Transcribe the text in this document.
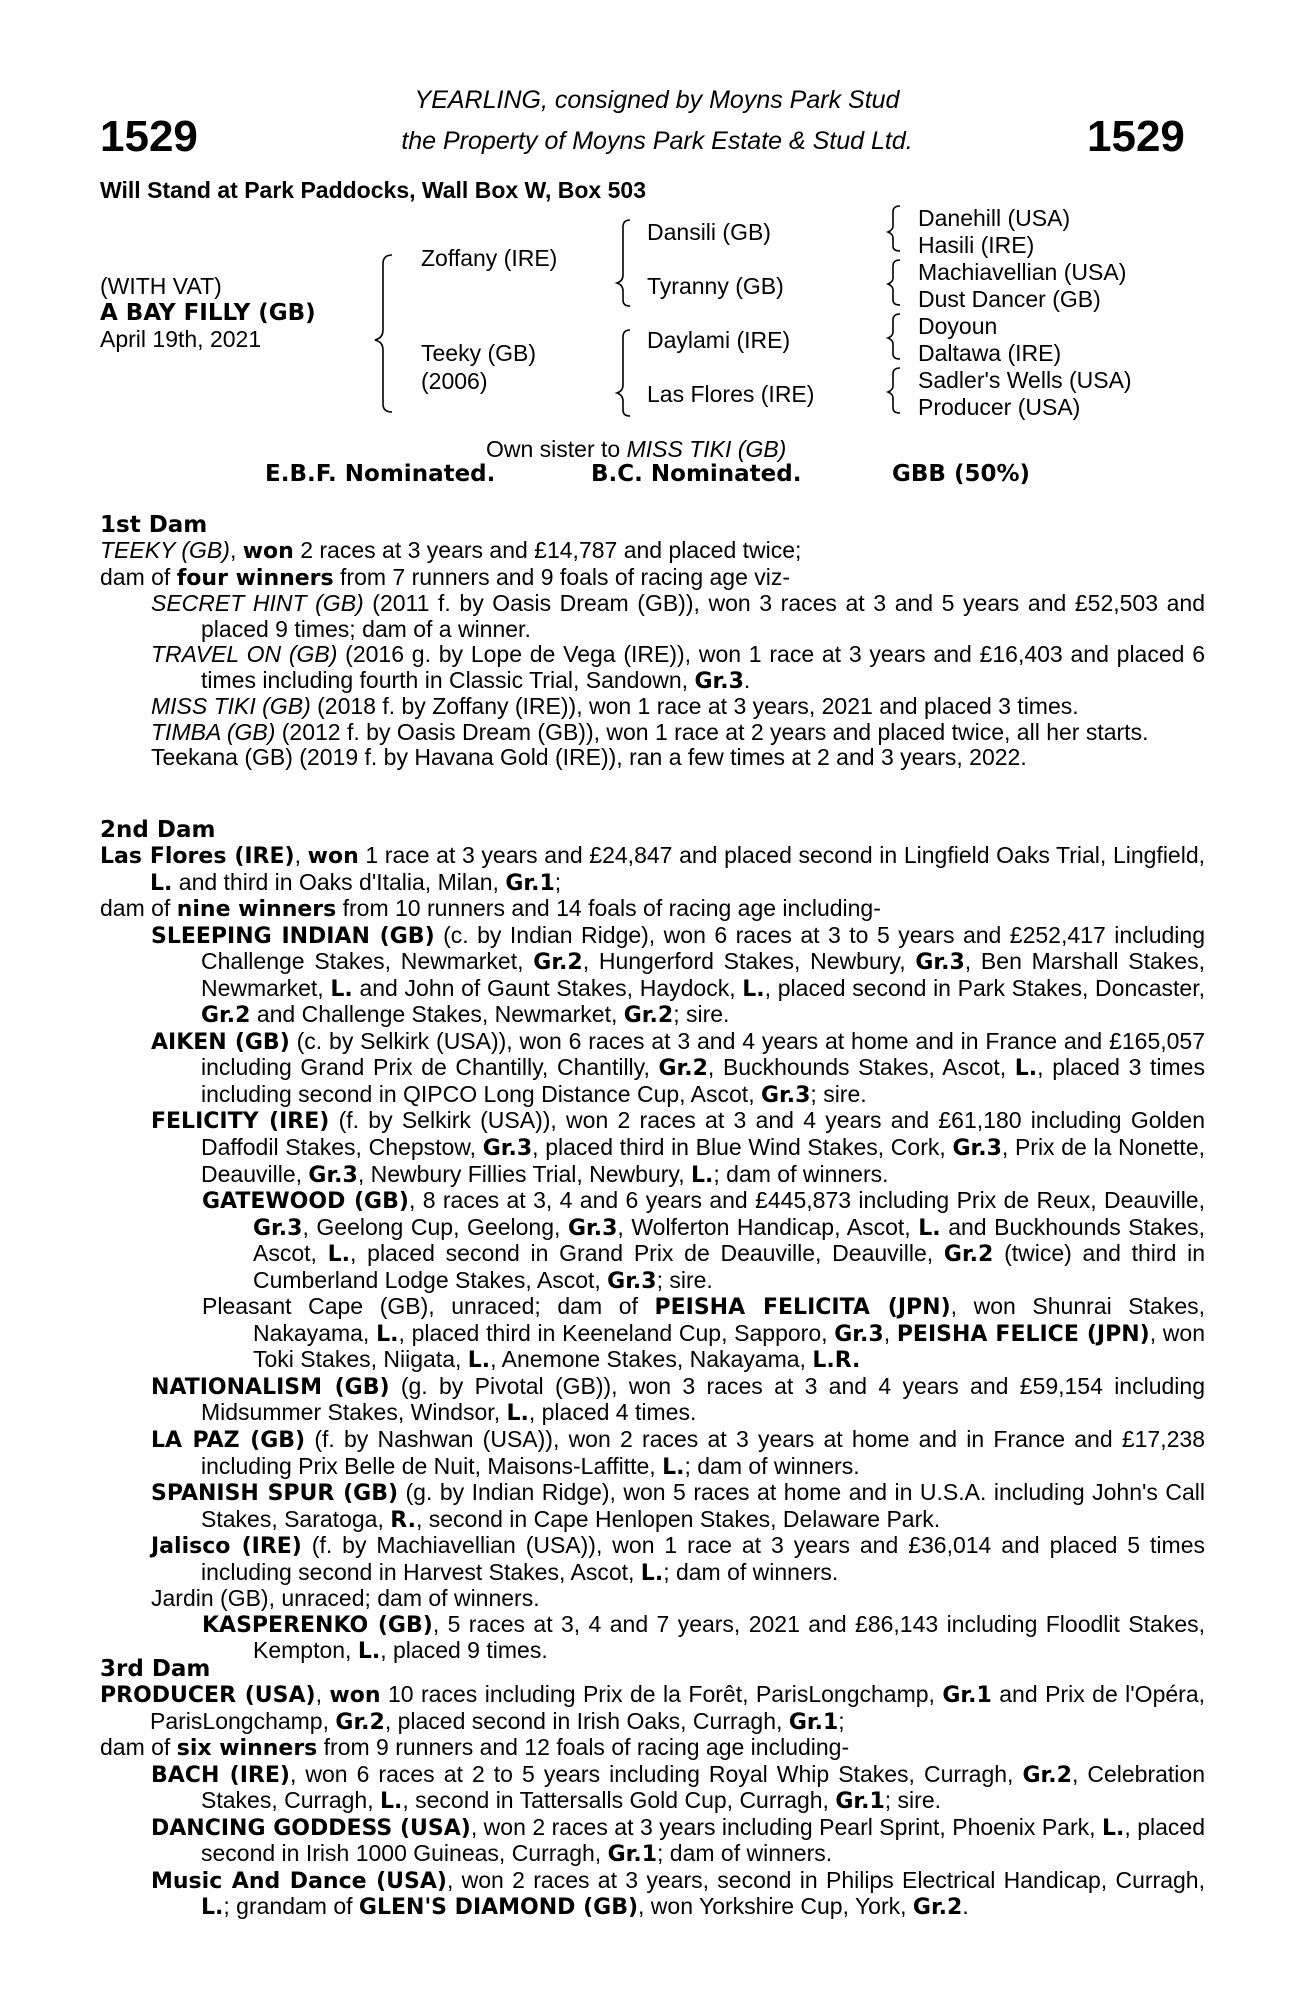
1529	1529
YEARLING, consigned by Moyns Park Stud
the Property of Moyns Park Estate & Stud Ltd.
Will Stand at Park Paddocks, Wall Box W, Box 503
(WITH VAT)
A BAY FILLY (GB)
April 19th, 2021
Zoffany (IRE)
Teeky (GB)
(2006)
Dansili (GB)
Tyranny (GB)
Daylami (IRE)
Las Flores (IRE)
Danehill (USA)
Hasili (IRE)
Machiavellian (USA)
Dust Dancer (GB)
Doyoun
Daltawa (IRE)
Sadler's Wells (USA)
Producer (USA)
Own sister to MISS TIKI (GB)
E.B.F. Nominated.	B.C. Nominated.	GBB (50%)
1st Dam
TEEKY (GB), won 2 races at 3 years and £14,787 and placed twice;
dam of four winners from 7 runners and 9 foals of racing age viz-
SECRET HINT (GB) (2011 f. by Oasis Dream (GB)), won 3 races at 3 and 5 years and £52,503 and placed 9 times; dam of a winner.
TRAVEL ON (GB) (2016 g. by Lope de Vega (IRE)), won 1 race at 3 years and £16,403 and placed 6 times including fourth in Classic Trial, Sandown, Gr.3.
MISS TIKI (GB) (2018 f. by Zoffany (IRE)), won 1 race at 3 years, 2021 and placed 3 times.
TIMBA (GB) (2012 f. by Oasis Dream (GB)), won 1 race at 2 years and placed twice, all her starts.
Teekana (GB) (2019 f. by Havana Gold (IRE)), ran a few times at 2 and 3 years, 2022.
2nd Dam
Las Flores (IRE), won 1 race at 3 years and £24,847 and placed second in Lingfield Oaks Trial, Lingfield, L. and third in Oaks d'Italia, Milan, Gr.1;
dam of nine winners from 10 runners and 14 foals of racing age including-
SLEEPING INDIAN (GB) (c. by Indian Ridge), won 6 races at 3 to 5 years and £252,417 including Challenge Stakes, Newmarket, Gr.2, Hungerford Stakes, Newbury, Gr.3, Ben Marshall Stakes, Newmarket, L. and John of Gaunt Stakes, Haydock, L., placed second in Park Stakes, Doncaster, Gr.2 and Challenge Stakes, Newmarket, Gr.2; sire.
AIKEN (GB) (c. by Selkirk (USA)), won 6 races at 3 and 4 years at home and in France and £165,057 including Grand Prix de Chantilly, Chantilly, Gr.2, Buckhounds Stakes, Ascot, L., placed 3 times including second in QIPCO Long Distance Cup, Ascot, Gr.3; sire.
FELICITY (IRE) (f. by Selkirk (USA)), won 2 races at 3 and 4 years and £61,180 including Golden Daffodil Stakes, Chepstow, Gr.3, placed third in Blue Wind Stakes, Cork, Gr.3, Prix de la Nonette, Deauville, Gr.3, Newbury Fillies Trial, Newbury, L.; dam of winners.
GATEWOOD (GB), 8 races at 3, 4 and 6 years and £445,873 including Prix de Reux, Deauville, Gr.3, Geelong Cup, Geelong, Gr.3, Wolferton Handicap, Ascot, L. and Buckhounds Stakes, Ascot, L., placed second in Grand Prix de Deauville, Deauville, Gr.2 (twice) and third in Cumberland Lodge Stakes, Ascot, Gr.3; sire.
Pleasant Cape (GB), unraced; dam of PEISHA FELICITA (JPN), won Shunrai Stakes, Nakayama, L., placed third in Keeneland Cup, Sapporo, Gr.3, PEISHA FELICE (JPN), won Toki Stakes, Niigata, L., Anemone Stakes, Nakayama, L.R.
NATIONALISM (GB) (g. by Pivotal (GB)), won 3 races at 3 and 4 years and £59,154 including Midsummer Stakes, Windsor, L., placed 4 times.
LA PAZ (GB) (f. by Nashwan (USA)), won 2 races at 3 years at home and in France and £17,238 including Prix Belle de Nuit, Maisons-Laffitte, L.; dam of winners.
SPANISH SPUR (GB) (g. by Indian Ridge), won 5 races at home and in U.S.A. including John's Call Stakes, Saratoga, R., second in Cape Henlopen Stakes, Delaware Park.
Jalisco (IRE) (f. by Machiavellian (USA)), won 1 race at 3 years and £36,014 and placed 5 times including second in Harvest Stakes, Ascot, L.; dam of winners.
Jardin (GB), unraced; dam of winners.
KASPERENKO (GB), 5 races at 3, 4 and 7 years, 2021 and £86,143 including Floodlit Stakes, Kempton, L., placed 9 times.
3rd Dam
PRODUCER (USA), won 10 races including Prix de la Forêt, ParisLongchamp, Gr.1 and Prix de l'Opéra, ParisLongchamp, Gr.2, placed second in Irish Oaks, Curragh, Gr.1;
dam of six winners from 9 runners and 12 foals of racing age including-
BACH (IRE), won 6 races at 2 to 5 years including Royal Whip Stakes, Curragh, Gr.2, Celebration Stakes, Curragh, L., second in Tattersalls Gold Cup, Curragh, Gr.1; sire.
DANCING GODDESS (USA), won 2 races at 3 years including Pearl Sprint, Phoenix Park, L., placed second in Irish 1000 Guineas, Curragh, Gr.1; dam of winners.
Music And Dance (USA), won 2 races at 3 years, second in Philips Electrical Handicap, Curragh, L.; grandam of GLEN'S DIAMOND (GB), won Yorkshire Cup, York, Gr.2.
